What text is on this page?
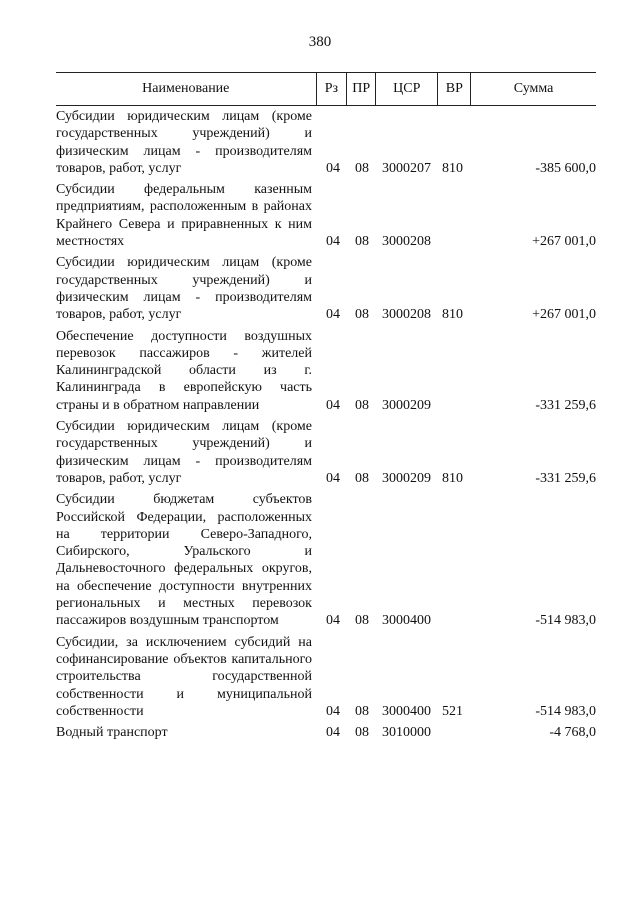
380
Наименование	Рз	ПР	ЦСР	ВР	Сумма
Субсидии юридическим лицам (кроме государственных учреждений) и физическим лицам - производителям товаров, работ, услуг	04	08 3000207 810	-385 600,0
Субсидии федеральным казенным предприятиям, расположенным в районах Крайнего Севера и приравненных к ним местностях	04	08 3000208	+267 001,0
Субсидии юридическим лицам (кроме государственных учреждений) и физическим лицам - производителям товаров, работ, услуг	04	08 3000208 810	+267 001,0
Обеспечение доступности воздушных перевозок пассажиров - жителей Калининградской области из г. Калининграда в европейскую часть страны и в обратном направлении	04	08 3000209	-331 259,6
Субсидии юридическим лицам (кроме государственных учреждений) и физическим лицам - производителям товаров, работ, услуг	04	08 3000209 810	-331 259,6
Субсидии бюджетам субъектов Российской Федерации, расположенных на территории Северо-Западного, Сибирского, Уральского и Дальневосточного федеральных округов, на обеспечение доступности внутренних региональных и местных перевозок пассажиров воздушным транспортом	04	08 3000400	-514 983,0
Субсидии, за исключением субсидий на софинансирование объектов капитального строительства государственной собственности и муниципальной собственности	04	08 3000400 521	-514 983,0
Водный транспорт	04	08 3010000	-4 768,0
